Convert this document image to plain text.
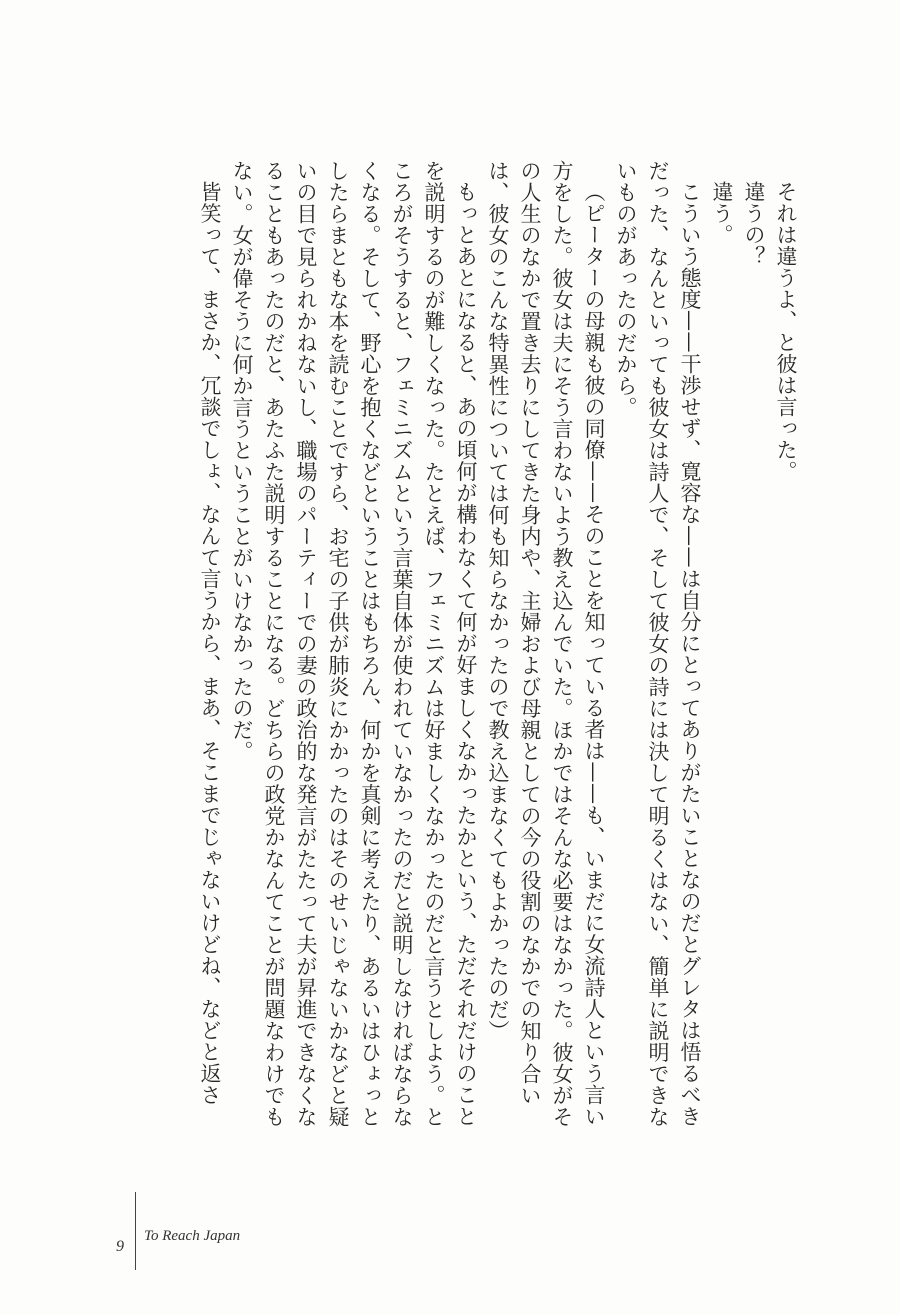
それは違うよ、と彼は言った。

違うの？

違う。

こういう態度——干渉せず、寛容な——は自分にとってありがたいことなのだとグレタは悟るべきだった、なんといっても彼女は詩人で、そして彼女の詩には決して明るくはない、簡単に説明できないものがあったのだから。

（ピーターの母親も彼の同僚——そのことを知っている者は——も、いまだに女流詩人という言い方をした。彼女は夫にそう言わないよう教え込んでいた。ほかではそんな必要はなかった。彼女がその人生のなかで置き去りにしてきた身内や、主婦および母親としての今の役割のなかでの知り合いは、彼女のこんな特異性については何も知らなかったので教え込まなくてもよかったのだ）

もっとあとになると、あの頃何が構わなくて何が好ましくなかったかという、ただそれだけのことを説明するのが難しくなった。たとえば、フェミニズムは好ましくなかったのだと言うとしよう。ところがそうすると、フェミニズムという言葉自体が使われていなかったのだと説明しなければならなくなる。そして、野心を抱くなどということはもちろん、何かを真剣に考えたり、あるいはひょっとしたらまともな本を読むことですら、お宅の子供が肺炎にかかったのはそのせいじゃないかなどと疑いの目で見られかねないし、職場のパーティーでの妻の政治的な発言がたたって夫が昇進できなくなることもあったのだと、あたふた説明することになる。どちらの政党かなんてことが問題なわけでもない。女が偉そうに何か言うということがいけなかったのだ。

皆笑って、まさか、冗談でしょ、なんて言うから、まあ、そこまでじゃないけどね、などと返さ

9
To Reach Japan
